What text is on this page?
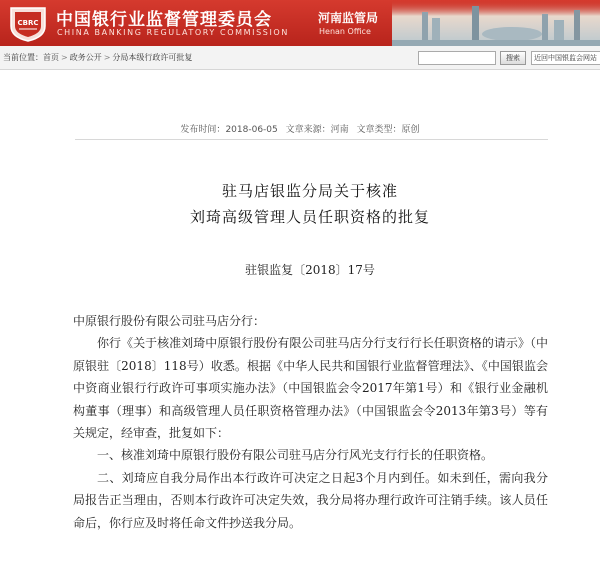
CBRC 中国银行业监督管理委员会
CHINA BANKING REGULATORY COMMISSION
河南监管局
Henan Office
当前位置：首页 > 政务公开 > 分局本级行政许可批复	搜索	近回中国银监会网站
发布时间：2018-06-05 文章来源：河南 文章类型：原创
驻马店银监分局关于核准
刘琦高级管理人员任职资格的批复
驻银监复〔2018〕17号

中原银行股份有限公司驻马店分行：

你行《关于核准刘琦中原银行股份有限公司驻马店分行支行行长任职资格的请示》（中原银驻〔2018〕118号）收悉。根据《中华人民共和国银行业监督管理法》、《中国银监会中资商业银行行政许可事项实施办法》（中国银监会令2017年第1号）和《银行业金融机构董事（理事）和高级管理人员任职资格管理办法》（中国银监会令2013年第3号）等有关规定，经审查，批复如下：

一、核准刘琦中原银行股份有限公司驻马店分行风光支行行长的任职资格。

二、刘琦应自我分局作出本行政许可决定之日起3个月内到任。如未到任，需向我分局报告正当理由，否则本行政许可决定失效，我分局将办理行政许可注销手续。该人员任命后，你行应及时将任命文件抄送我分局。
